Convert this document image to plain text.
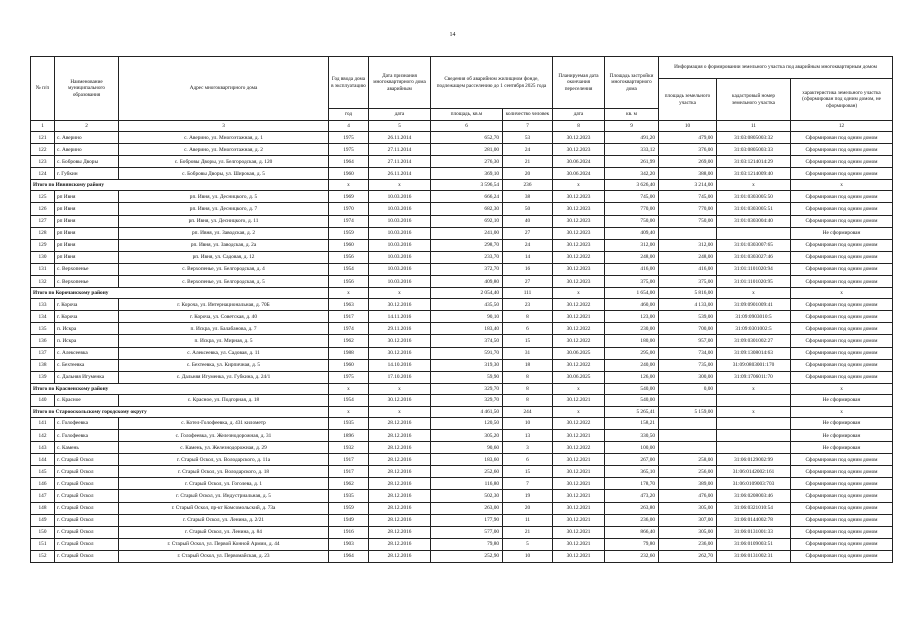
14
№ п/п	Наименование муниципального образования	Адрес многоквартирного дома	Год ввода дома в эксплуатацию	Дата признания многоквартирного дома аварийным	Сведения об аварийном жилищном фонде, подлежащем расселению до 1 сентября 2025 года		Планируемая дата окончания переселения	Площадь застройки многоквартирного дома	Информация о формировании земельного участка под аварийным многоквартирным домом		
									площадь земельного участка	кадастровый номер земельного участка	характеристика земельного участка (сформирован под одним домом, не сформирован)
			год	дата	площадь, кв.м	количество человек	дата	кв. м			
1	2	3	4	5	6	7	8	9	10	11	12
121	с. Аверино	с. Аверино, ул. Многоэтажная, д. 1	1975	26.11.2014	652,70	53	30.12.2023	491,20	479,00	31:03:0805003:32	Сформирован под одним домом
122	с. Аверино	с. Аверино, ул. Многоэтажная, д. 2	1975	27.11.2014	281,00	24	30.12.2023	333,12	376,00	31:03:0805003:33	Сформирован под одним домом
123	с. Бобровы Дворы	с. Бобровы Дворы, ул. Белгородская, д. 120	1964	27.11.2014	276,30	21	30.06.2024	261,99	269,00	31:03:1214014:29	Сформирован под одним домом
124	г. Губкин	с. Бобровы Дворы, ул. Широкая, д. 5	1960	26.11.2014	369,10	20	30.06.2024	342,20	388,00	31:03:1214009:40	Сформирован под одним домом
Итого по Ивнянскому району			х	х	3 596,54	236	х	3 626,40	3 214,00	х	х
125	рп Ивня	рп. Ивня, ул. Десницкого, д. 5	1969	10.03.2016	666,24	38	30.12.2023	745,00	745,00	31:01:0303005:50	Сформирован под одним домом
126	рп Ивня	рп. Ивня, ул. Десницкого, д. 7	1970	10.03.2016	682,30	50	30.12.2023	770,00	770,00	31:01:0303005:51	Сформирован под одним домом
127	рп Ивня	рп. Ивня, ул. Десницкого, д. 11	1974	10.03.2016	692,10	40	30.12.2023	750,00	750,00	31:01:0303004:40	Сформирован под одним домом
128	рп Ивня	рп. Ивня, ул. Заводская, д. 2	1959	10.03.2016	241,00	27	30.12.2023	409,40			Не сформирован
129	рп Ивня	рп. Ивня, ул. Заводская, д. 2а	1960	10.03.2016	298,70	24	30.12.2023	312,00	312,00	31:01:0303007:65	Сформирован под одним домом
130	рп Ивня	рп. Ивня, ул. Садовая, д. 12	1956	10.03.2016	233,70	14	30.12.2022	248,00	248,00	31:01:0303027:46	Сформирован под одним домом
131	с. Верхопенье	с. Верхопенье, ул. Белгородская, д. 4	1954	10.03.2016	372,70	16	30.12.2023	416,00	416,00	31:01:1101020:94	Сформирован под одним домом
132	с. Верхопенье	с. Верхопенье, ул. Белгородская, д. 5	1956	10.03.2016	409,80	27	30.12.2023	375,00	375,00	31:01:1101020:95	Сформирован под одним домом
Итого по Корочанскому району			х	х	2 054,40	111	х	1 654,00	5 816,00	х	х
133	г. Короча	г. Короча, ул. Интернациональная, д. 70Б	1963	30.12.2016	435,50	23	30.12.2022	460,00	4 133,00	31:09:0901009:41	Сформирован под одним домом
134	г. Короча	г. Короча, ул. Советская, д. 40	1917	14.11.2016	90,10	8	30.12.2021	123,00	539,00	31:09:0903010:5	Сформирован под одним домом
135	п. Искра	п. Искра, ул. Балабанова, д. 7	1974	29.11.2016	183,40	6	30.12.2022	230,00	700,00	31:09:0301002:5	Сформирован под одним домом
136	п. Искра	п. Искра, ул. Мирная, д. 5	1962	30.12.2016	374,50	15	30.12.2022	180,00	957,00	31:09:0301002:27	Сформирован под одним домом
137	с. Алексеевка	с. Алексеевка, ул. Садовая, д. 11	1988	30.12.2016	591,70	31	30.06.2025	295,00	734,00	31:09:1308014:63	Сформирован под одним домом
138	с. Бехтеевка	с. Бехтеевка, ул. Кирпичная, д. 5	1960	14.10.2016	319,30	18	30.12.2022	240,00	735,00	31:09:0803001:170	Сформирован под одним домом
139	с. Дальняя Игуменка	с. Дальняя Игуменка, ул. Губкина, д. 24/1	1975	17.10.2016	59,90	8	30.06.2025	126,00	300,00	31:09:1706011:70	Сформирован под одним домом
Итого по Красненскому району			х	х	329,70	8	х	540,00	0,00	х	х
140	с. Красное	с. Красное, ул. Подгорная, д. 18	1954	30.12.2016	329,70	8	30.12.2021	540,00			Не сформирован
Итого по Старооскольскому городскому округу			х	х	4 461,50	244	х	5 265,41	5 159,00	х	х
141	с. Голофеевка	с. Котел-Голофеевка, д. 431 километр	1935	28.12.2016	120,50	10	30.12.2022	158,21			Не сформирован
142	с. Голофеевка	с. Голофеевка, ул. Железнодорожная, д. 31	1896	28.12.2016	305,20	13	30.12.2021	330,50			Не сформирован
143	с. Камень	с. Камень, ул. Железнодорожная, д. 29	1932	28.12.2016	90,60	3	30.12.2022	100,00			Не сформирован
144	г. Старый Оскол	г. Старый Оскол, ул. Володарского, д. 11а	1917	28.12.2016	183,60	6	30.12.2021	267,00	258,00	31:06:0129002:99	Сформирован под одним домом
145	г. Старый Оскол	г. Старый Оскол, ул. Володарского, д. 18	1917	28.12.2016	252,60	15	30.12.2021	365,10	256,00	31:06:0142002:161	Сформирован под одним домом
146	г. Старый Оскол	г. Старый Оскол, ул. Гоголева, д. 1	1962	28.12.2016	116,80	7	30.12.2021	178,70	389,00	31:06:0109003:703	Сформирован под одним домом
147	г. Старый Оскол	г. Старый Оскол, ул. Индустриальная, д. 5	1935	28.12.2016	502,30	19	30.12.2021	473,20	476,00	31:06:0208003:46	Сформирован под одним домом
148	г. Старый Оскол	г. Старый Оскол, пр-кт Комсомольский, д. 73а	1959	28.12.2016	263,00	20	30.12.2021	263,80	305,00	31:06:0321010:54	Сформирован под одним домом
149	г. Старый Оскол	г. Старый Оскол, ул. Ленина, д. 2/21	1949	28.12.2016	177,90	11	30.12.2021	236,00	307,00	31:06:0144002:78	Сформирован под одним домом
150	г. Старый Оскол	г. Старый Оскол, ул. Ленина, д. 84	1916	28.12.2016	577,00	21	30.12.2021	866,40	305,00	31:06:0131001:33	Сформирован под одним домом
151	г. Старый Оскол	г. Старый Оскол, ул. Первой Конной Армии, д. 44	1903	28.12.2016	79,80	5	30.12.2021	79,80	236,00	31:06:0109003:51	Сформирован под одним домом
152	г. Старый Оскол	г. Старый Оскол, ул. Первомайская, д. 23	1964	28.12.2016	252,90	10	30.12.2021	232,60	262,70	31:06:0131002:31	Сформирован под одним домом
